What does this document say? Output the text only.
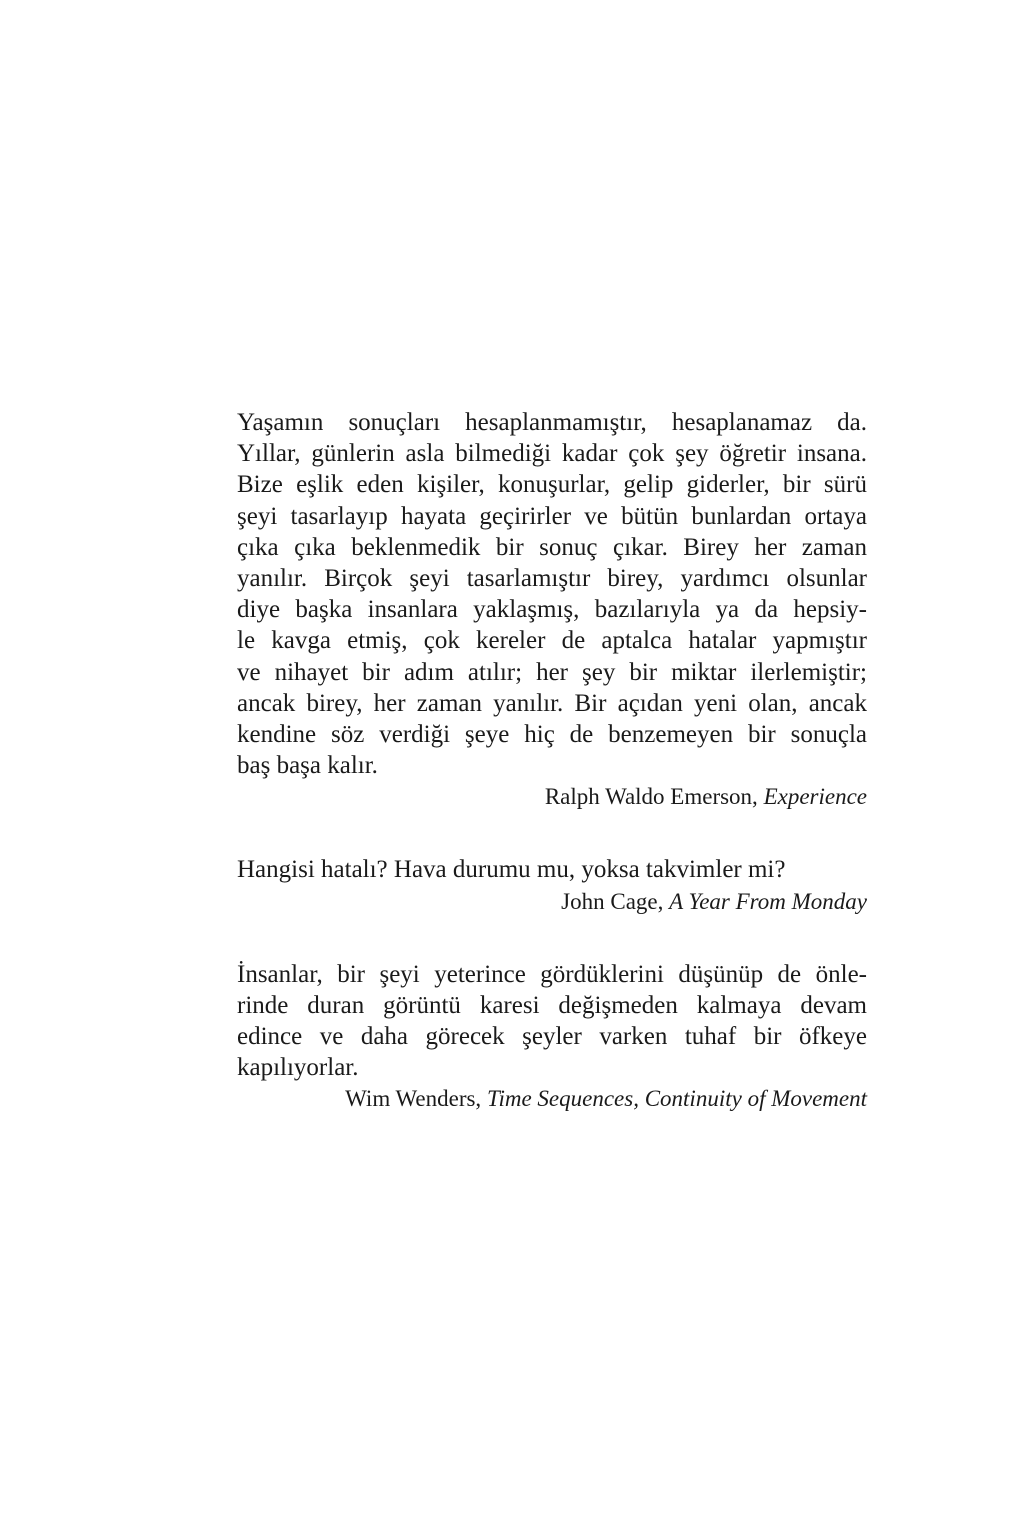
Yaşamın sonuçları hesaplanmamıştır, hesaplanamaz da.
Yıllar, günlerin asla bilmediği kadar çok şey öğretir insana.
Bize eşlik eden kişiler, konuşurlar, gelip giderler, bir sürü
şeyi tasarlayıp hayata geçirirler ve bütün bunlardan ortaya
çıka çıka beklenmedik bir sonuç çıkar. Birey her zaman
yanılır. Birçok şeyi tasarlamıştır birey, yardımcı olsunlar
diye başka insanlara yaklaşmış, bazılarıyla ya da hepsiy-
le kavga etmiş, çok kereler de aptalca hatalar yapmıştır
ve nihayet bir adım atılır; her şey bir miktar ilerlemiştir;
ancak birey, her zaman yanılır. Bir açıdan yeni olan, ancak
kendine söz verdiği şeye hiç de benzemeyen bir sonuçla
baş başa kalır.

Ralph Waldo Emerson, Experience

Hangisi hatalı? Hava durumu mu, yoksa takvimler mi?

John Cage, A Year From Monday

İnsanlar, bir şeyi yeterince gördüklerini düşünüp de önle-
rinde duran görüntü karesi değişmeden kalmaya devam
edince ve daha görecek şeyler varken tuhaf bir öfkeye
kapılıyorlar.

Wim Wenders, Time Sequences, Continuity of Movement
